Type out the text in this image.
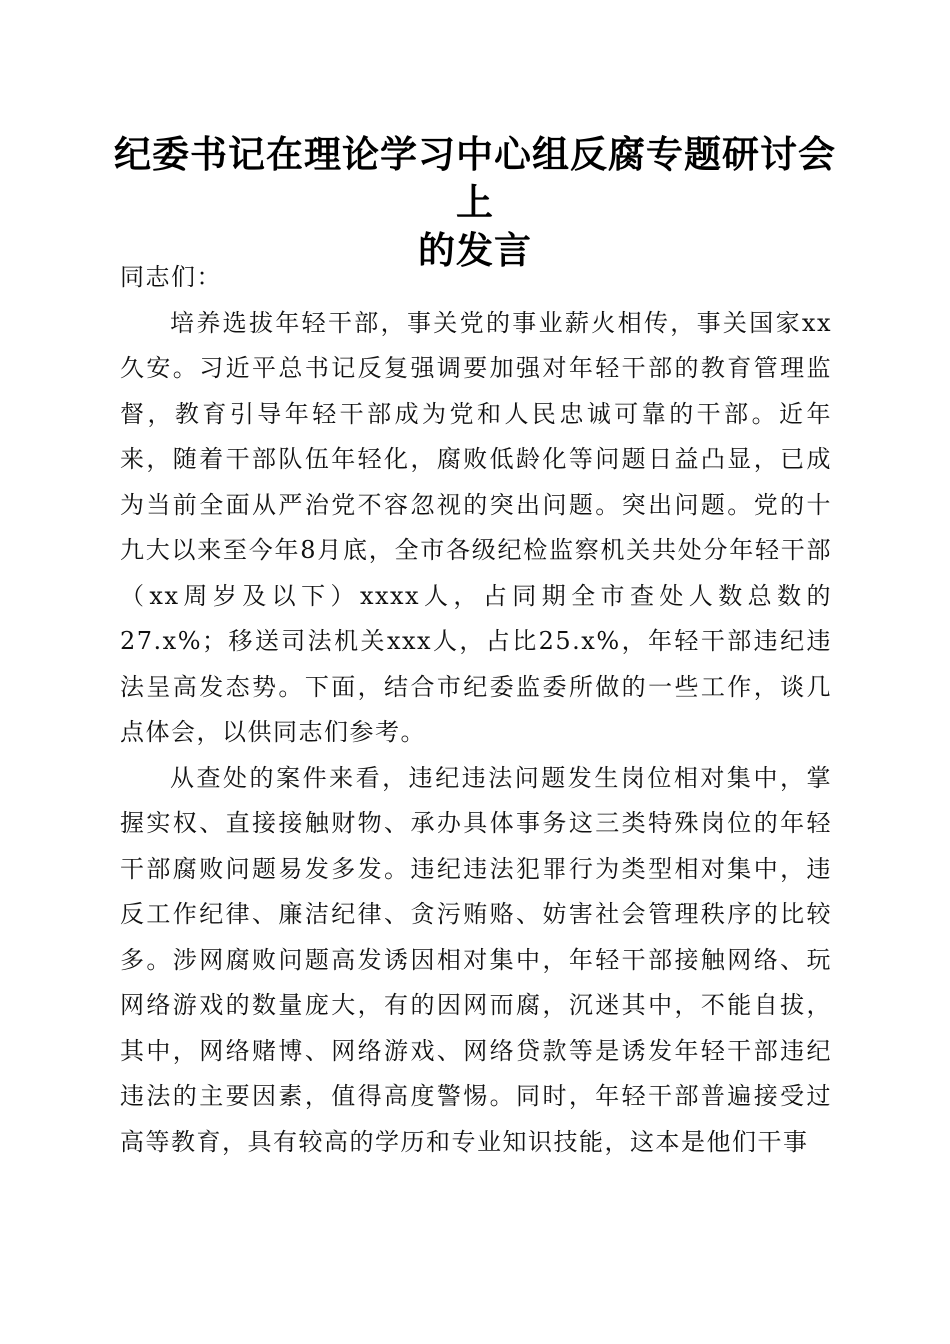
纪委书记在理论学习中心组反腐专题研讨会上
的发言

同志们：

培养选拔年轻干部，事关党的事业薪火相传，事关国家xx久安。习近平总书记反复强调要加强对年轻干部的教育管理监督，教育引导年轻干部成为党和人民忠诚可靠的干部。近年来，随着干部队伍年轻化，腐败低龄化等问题日益凸显，已成为当前全面从严治党不容忽视的突出问题。突出问题。党的十九大以来至今年8月底，全市各级纪检监察机关共处分年轻干部（xx周岁及以下）xxxx人，占同期全市查处人数总数的27.x%；移送司法机关xxx人，占比25.x%，年轻干部违纪违法呈高发态势。下面，结合市纪委监委所做的一些工作，谈几点体会，以供同志们参考。

从查处的案件来看，违纪违法问题发生岗位相对集中，掌握实权、直接接触财物、承办具体事务这三类特殊岗位的年轻干部腐败问题易发多发。违纪违法犯罪行为类型相对集中，违反工作纪律、廉洁纪律、贪污贿赂、妨害社会管理秩序的比较多。涉网腐败问题高发诱因相对集中，年轻干部接触网络、玩网络游戏的数量庞大，有的因网而腐，沉迷其中，不能自拔，其中，网络赌博、网络游戏、网络贷款等是诱发年轻干部违纪违法的主要因素，值得高度警惕。同时，年轻干部普遍接受过高等教育，具有较高的学历和专业知识技能，这本是他们干事
